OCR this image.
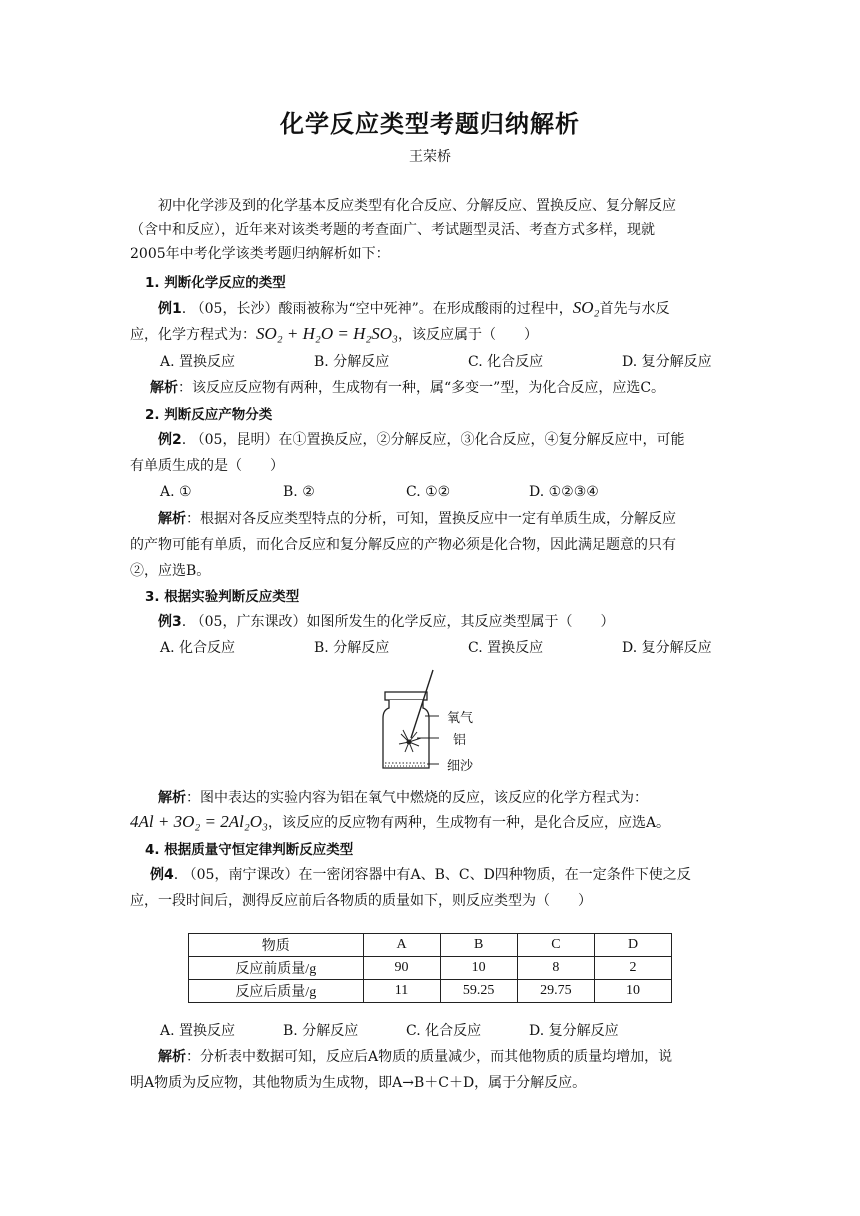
化学反应类型考题归纳解析
王荣桥
初中化学涉及到的化学基本反应类型有化合反应、分解反应、置换反应、复分解反应
（含中和反应），近年来对该类考题的考查面广、考试题型灵活、考查方式多样，现就
2005年中考化学该类考题归纳解析如下：
1. 判断化学反应的类型
例1. （05，长沙）酸雨被称为“空中死神”。在形成酸雨的过程中，SO₂首先与水反
应，化学方程式为：SO₂ + H₂O = H₂SO₃，该反应属于（　　）
A. 置换反应	B. 分解反应	C. 化合反应	D. 复分解反应
解析：该反应反应物有两种，生成物有一种，属“多变一”型，为化合反应，应选C。
2. 判断反应产物分类
例2. （05，昆明）在①置换反应，②分解反应，③化合反应，④复分解反应中，可能
有单质生成的是（　　）
A. ①	B. ②	C. ①②	D. ①②③④
解析：根据对各反应类型特点的分析，可知，置换反应中一定有单质生成，分解反应
的产物可能有单质，而化合反应和复分解反应的产物必须是化合物，因此满足题意的只有
②，应选B。
3. 根据实验判断反应类型
例3. （05，广东课改）如图所发生的化学反应，其反应类型属于（　　）
A. 化合反应	B. 分解反应	C. 置换反应	D. 复分解反应
氧气
铝
细沙
解析：图中表达的实验内容为铝在氧气中燃烧的反应，该反应的化学方程式为：
4Al + 3O₂ = 2Al₂O₃，该反应的反应物有两种，生成物有一种，是化合反应，应选A。
4. 根据质量守恒定律判断反应类型
例4. （05，南宁课改）在一密闭容器中有A、B、C、D四种物质，在一定条件下使之反
应，一段时间后，测得反应前后各物质的质量如下，则反应类型为（　　）
物质	A	B	C	D
反应前质量/g	90	10	8	2
反应后质量/g	11	59.25	29.75	10
A. 置换反应	B. 分解反应	C. 化合反应	D. 复分解反应
解析：分析表中数据可知，反应后A物质的质量减少，而其他物质的质量均增加，说
明A物质为反应物，其他物质为生成物，即A→B＋C＋D，属于分解反应。
